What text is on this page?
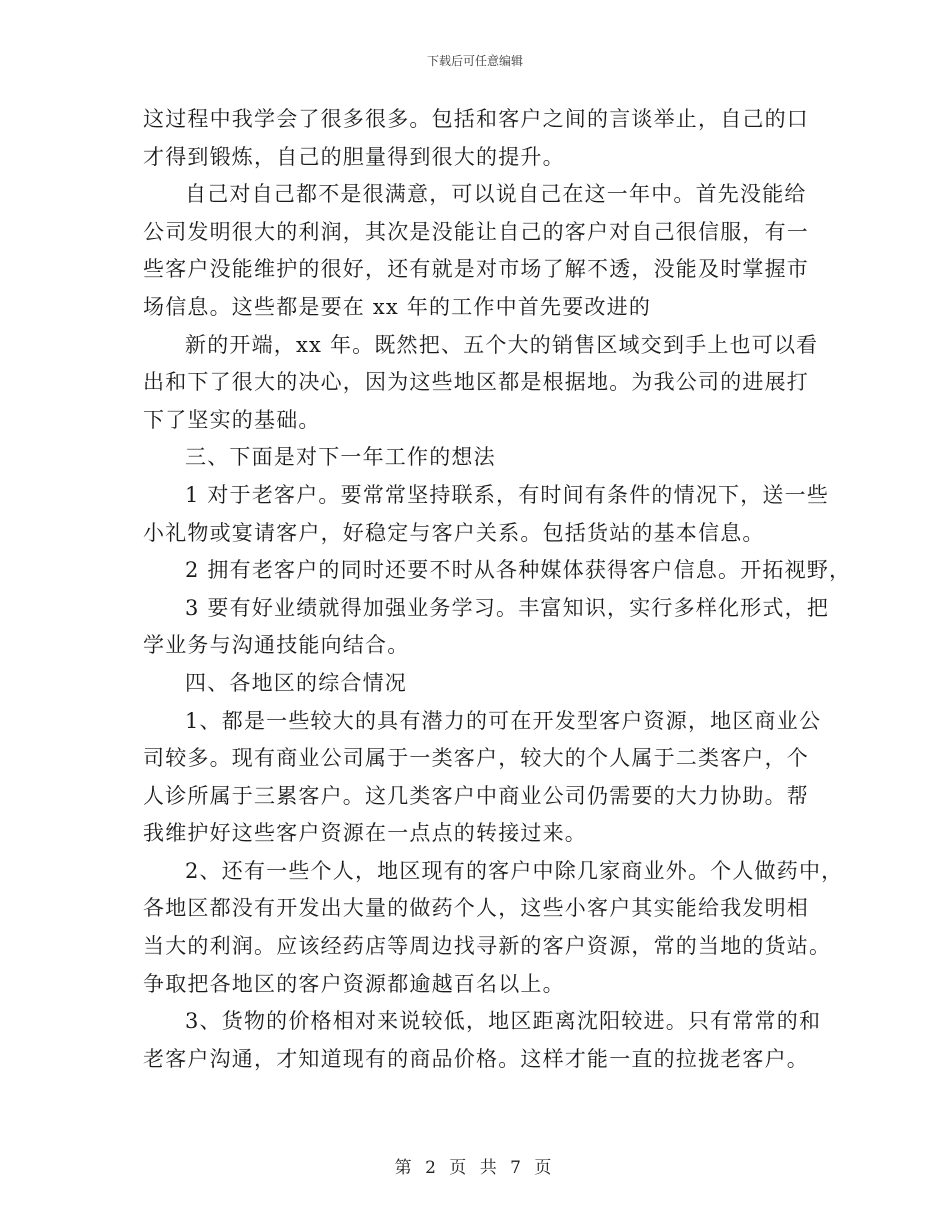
下载后可任意编辑
这过程中我学会了很多很多。包括和客户之间的言谈举止，自己的口
才得到锻炼，自己的胆量得到很大的提升。
自己对自己都不是很满意，可以说自己在这一年中。首先没能给
公司发明很大的利润，其次是没能让自己的客户对自己很信服，有一
些客户没能维护的很好，还有就是对市场了解不透，没能及时掌握市
场信息。这些都是要在 xx 年的工作中首先要改进的
新的开端，xx 年。既然把、五个大的销售区域交到手上也可以看
出和下了很大的决心，因为这些地区都是根据地。为我公司的进展打
下了坚实的基础。
三、下面是对下一年工作的想法
1 对于老客户。要常常坚持联系，有时间有条件的情况下，送一些
小礼物或宴请客户，好稳定与客户关系。包括货站的基本信息。
2 拥有老客户的同时还要不时从各种媒体获得客户信息。开拓视野，
3 要有好业绩就得加强业务学习。丰富知识，实行多样化形式，把
学业务与沟通技能向结合。
四、各地区的综合情况
1、都是一些较大的具有潜力的可在开发型客户资源，地区商业公
司较多。现有商业公司属于一类客户，较大的个人属于二类客户，个
人诊所属于三累客户。这几类客户中商业公司仍需要的大力协助。帮
我维护好这些客户资源在一点点的转接过来。
2、还有一些个人，地区现有的客户中除几家商业外。个人做药中，
各地区都没有开发出大量的做药个人，这些小客户其实能给我发明相
当大的利润。应该经药店等周边找寻新的客户资源，常的当地的货站。
争取把各地区的客户资源都逾越百名以上。
3、货物的价格相对来说较低，地区距离沈阳较进。只有常常的和
老客户沟通，才知道现有的商品价格。这样才能一直的拉拢老客户。
第 2 页 共 7 页
